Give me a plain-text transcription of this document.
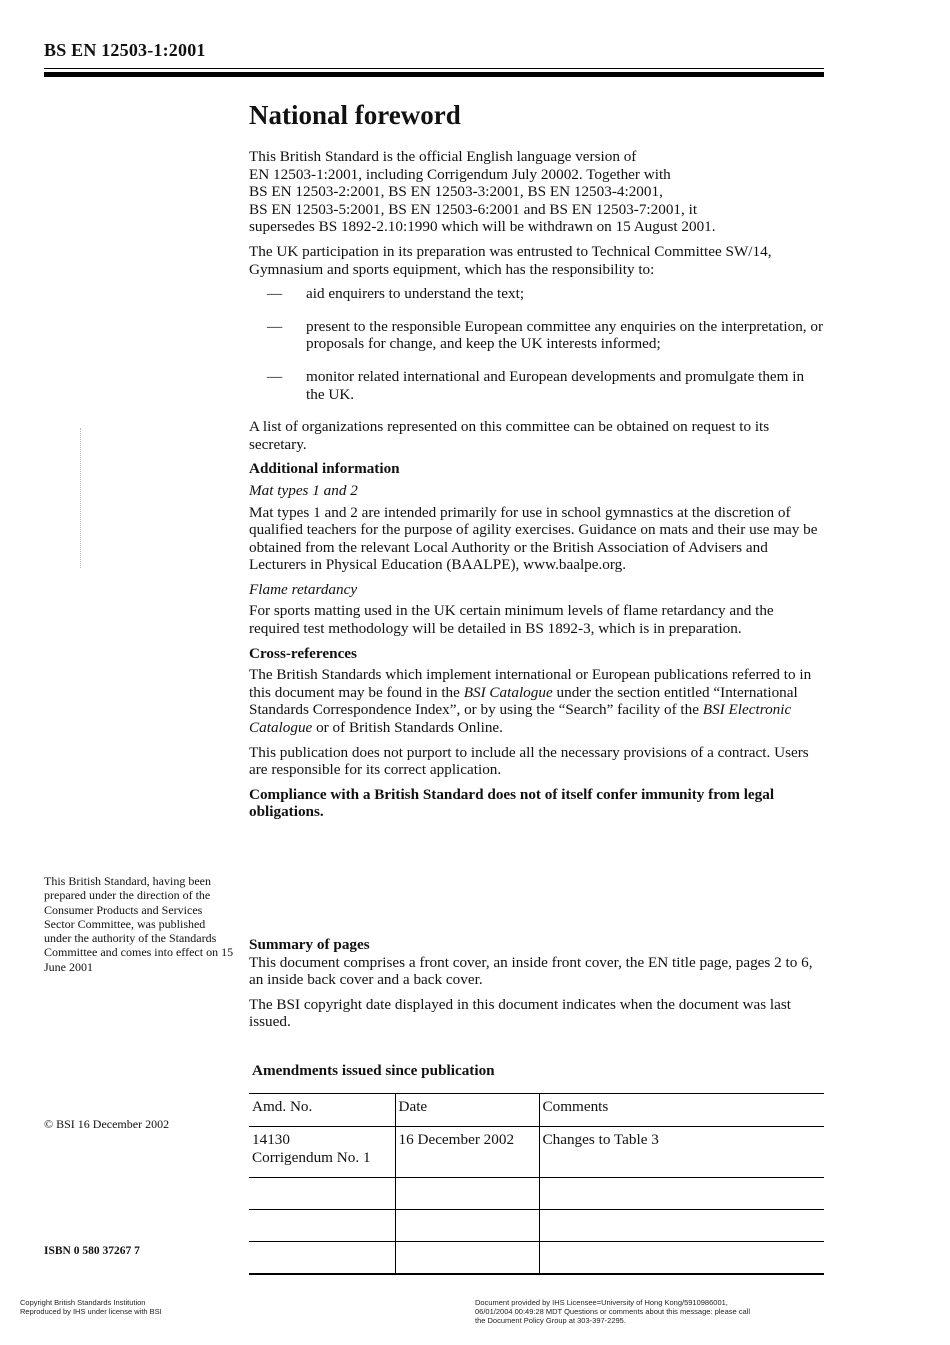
BS EN 12503-1:2001
National foreword

This British Standard is the official English language version of
EN 12503-1:2001, including Corrigendum July 20002. Together with
BS EN 12503-2:2001, BS EN 12503-3:2001, BS EN 12503-4:2001,
BS EN 12503-5:2001, BS EN 12503-6:2001 and BS EN 12503-7:2001, it
supersedes BS 1892-2.10:1990 which will be withdrawn on 15 August 2001.

The UK participation in its preparation was entrusted to Technical Committee SW/14, Gymnasium and sports equipment, which has the responsibility to:

— aid enquirers to understand the text;
— present to the responsible European committee any enquiries on the interpretation, or proposals for change, and keep the UK interests informed;
— monitor related international and European developments and promulgate them in the UK.

A list of organizations represented on this committee can be obtained on request to its secretary.

Additional information
Mat types 1 and 2

Mat types 1 and 2 are intended primarily for use in school gymnastics at the discretion of qualified teachers for the purpose of agility exercises. Guidance on mats and their use may be obtained from the relevant Local Authority or the British Association of Advisers and Lecturers in Physical Education (BAALPE), www.baalpe.org.

Flame retardancy

For sports matting used in the UK certain minimum levels of flame retardancy and the required test methodology will be detailed in BS 1892-3, which is in preparation.

Cross-references

The British Standards which implement international or European publications referred to in this document may be found in the BSI Catalogue under the section entitled “International Standards Correspondence Index”, or by using the “Search” facility of the BSI Electronic Catalogue or of British Standards Online.

This publication does not purport to include all the necessary provisions of a contract. Users are responsible for its correct application.

Compliance with a British Standard does not of itself confer immunity from legal obligations.

This British Standard, having been prepared under the direction of the Consumer Products and Services Sector Committee, was published under the authority of the Standards Committee and comes into effect on 15 June 2001
© BSI 16 December 2002
ISBN 0 580 37267 7
Summary of pages

This document comprises a front cover, an inside front cover, the EN title page, pages 2 to 6, an inside back cover and a back cover.

The BSI copyright date displayed in this document indicates when the document was last issued.

Amendments issued since publication
Amd. No.	Date	Comments

14130
Corrigendum No. 1	16 December 2002	Changes to Table 3

Copyright British Standards Institution
Reproduced by IHS under license with BSI
Document provided by IHS Licensee=University of Hong Kong/5910986001,
06/01/2004 00:49:28 MDT Questions or comments about this message: please call
the Document Policy Group at 303-397-2295.
